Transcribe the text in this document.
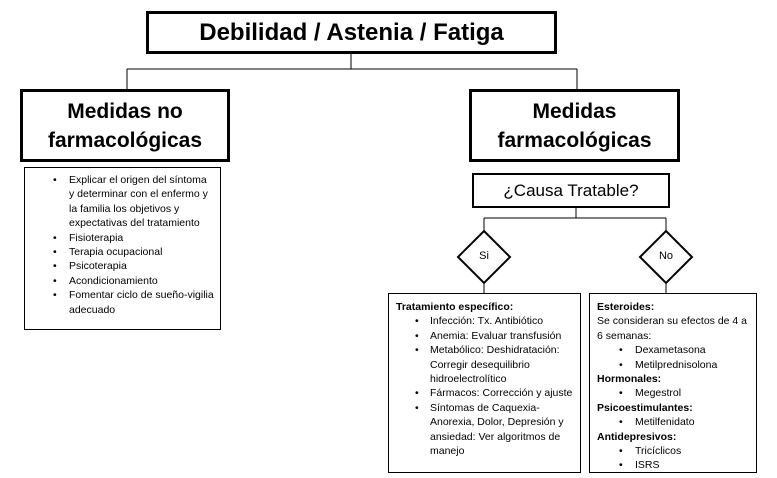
Debilidad / Astenia / Fatiga
Medidas no
farmacológicas
Medidas
farmacológicas
¿Causa Tratable?
Si	No
• Explicar el origen del síntoma y determinar con el enfermo y la familia los objetivos y expectativas del tratamiento
• Fisioterapia
• Terapia ocupacional
• Psicoterapia
• Acondicionamiento
• Fomentar ciclo de sueño-vigilia adecuado	Tratamiento específico:
• Infección: Tx. Antibiótico
• Anemia: Evaluar transfusión
• Metabólico: Deshidratación: Corregir desequilibrio hidroelectrolítico
• Fármacos: Corrección y ajuste
• Síntomas de Caquexia-Anorexia, Dolor, Depresión y ansiedad: Ver algoritmos de manejo
Esteroides:
Se consideran su efectos de 4 a 6 semanas:
• Dexametasona
• Metilprednisolona
Hormonales:
• Megestrol
Psicoestimulantes:
• Metilfenidato
Antidepresivos:
• Tricíclicos
• ISRS
